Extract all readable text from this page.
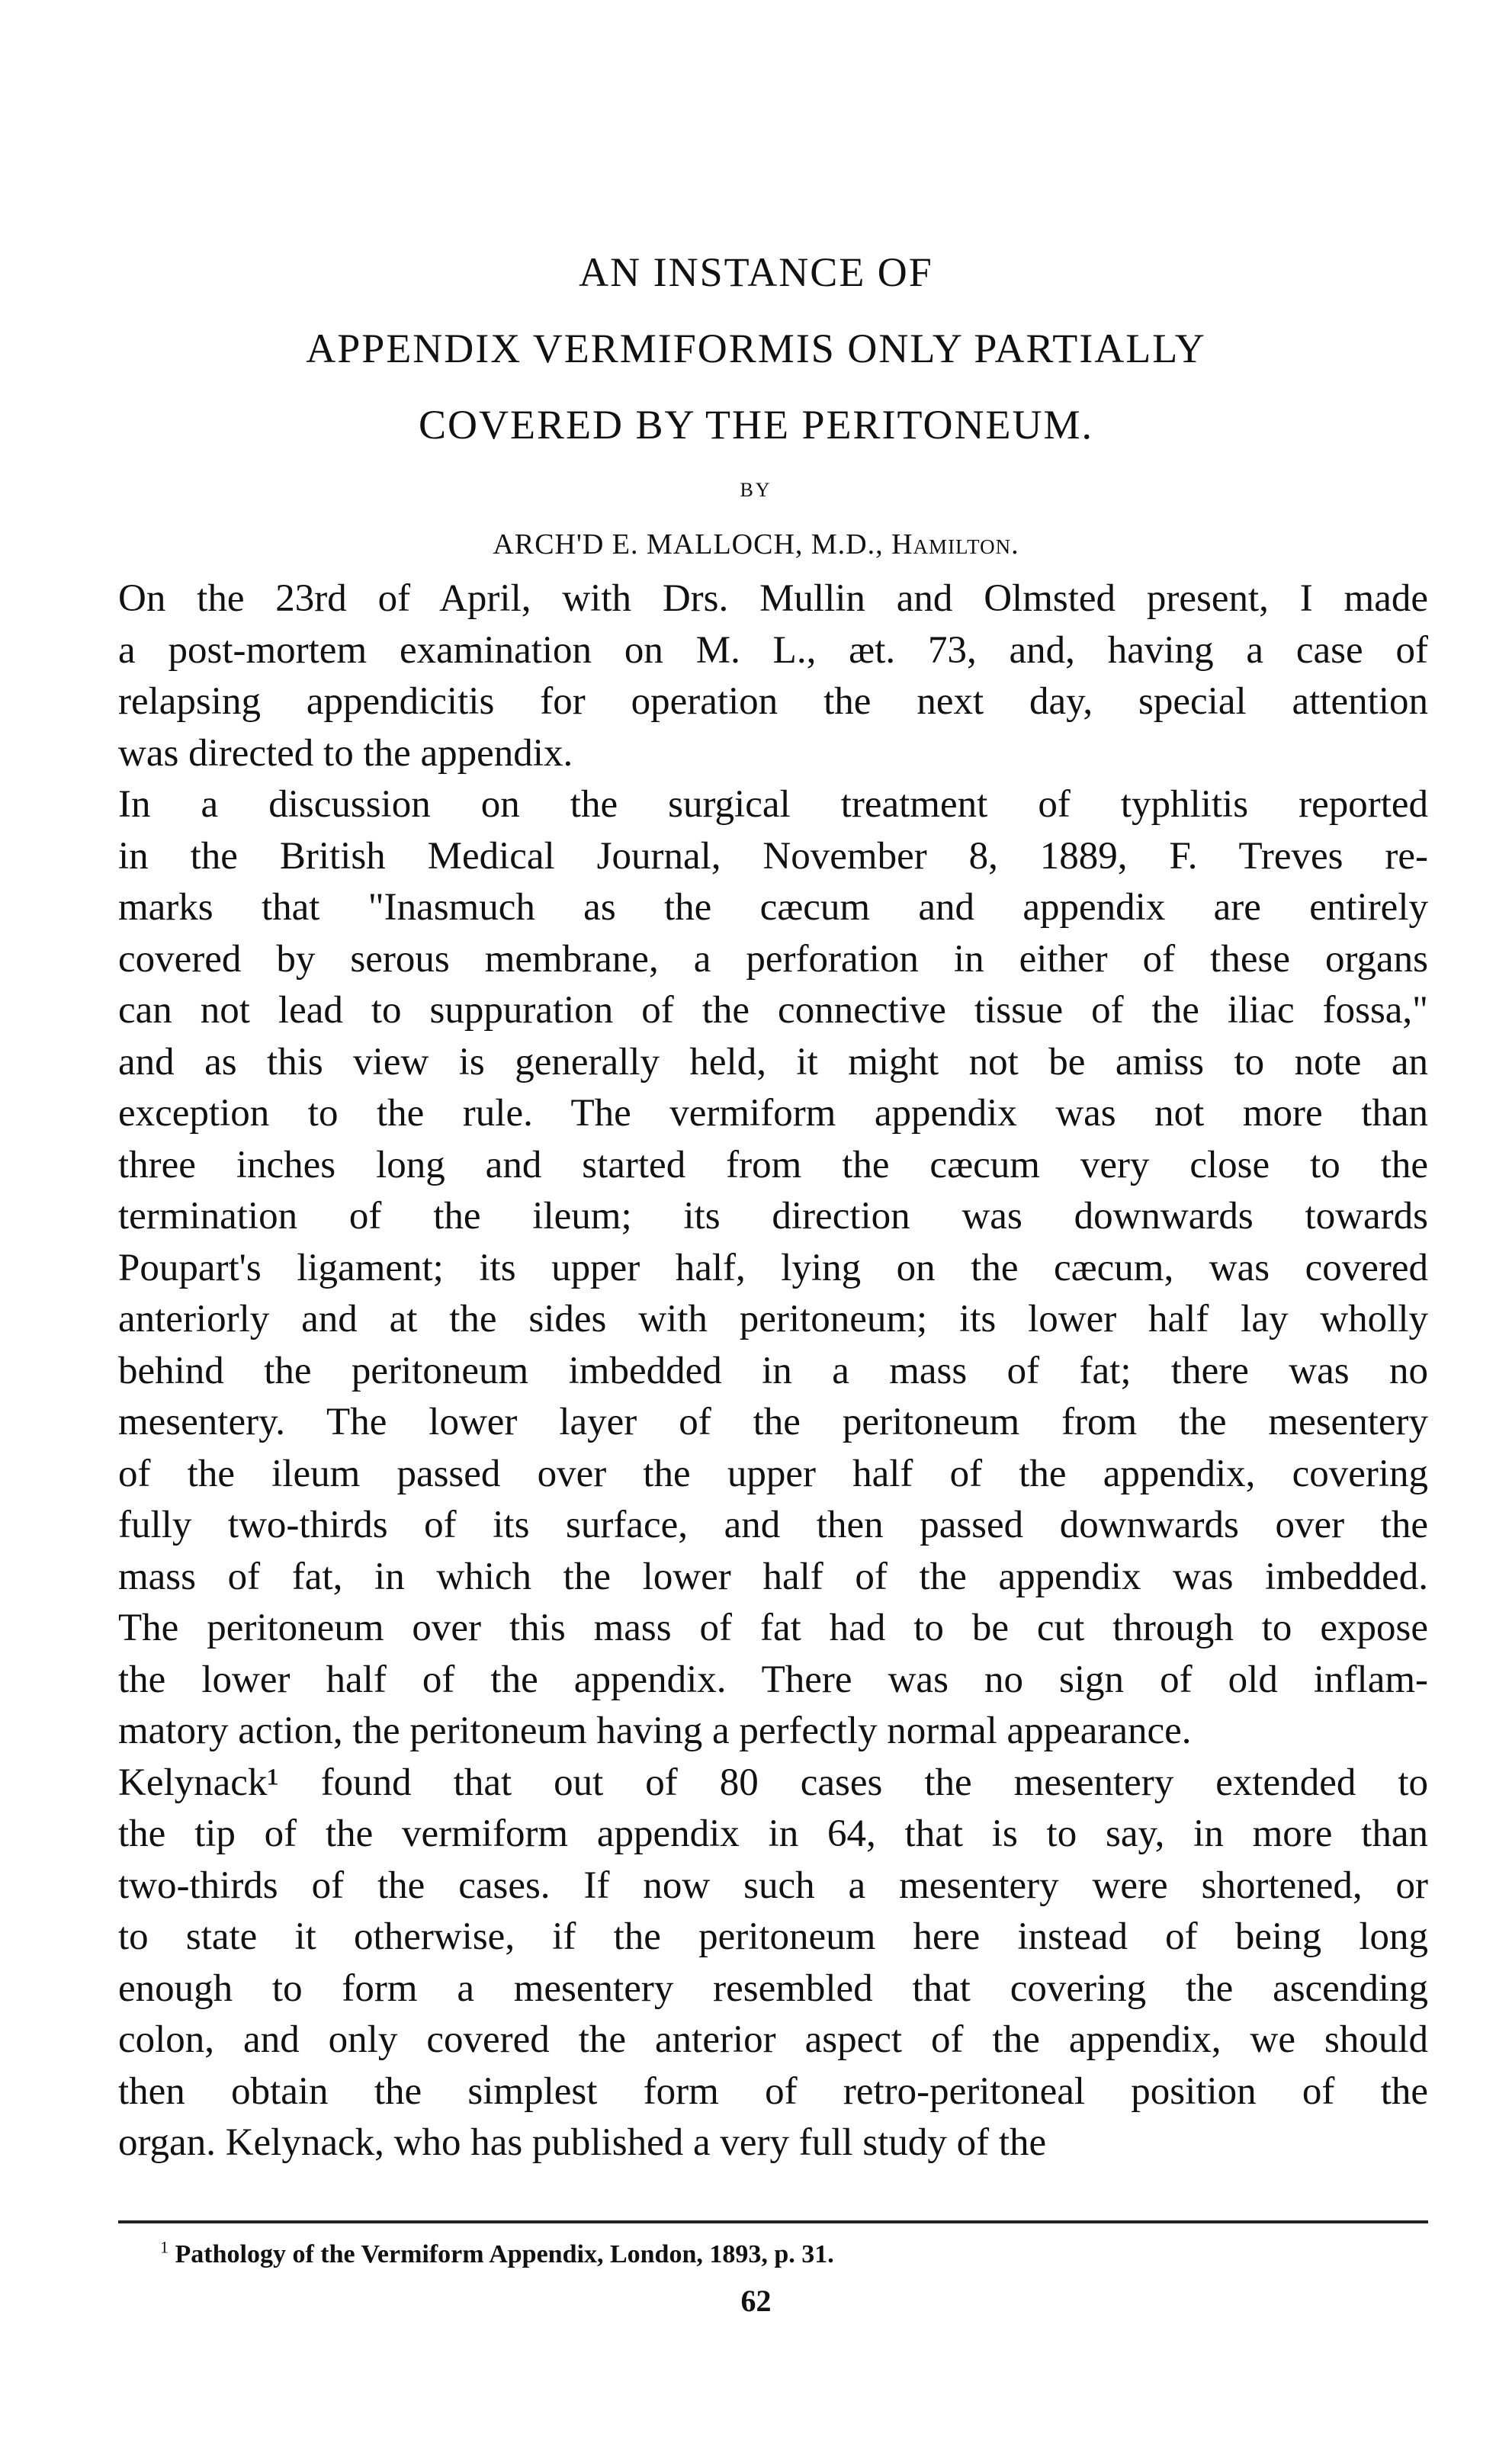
AN INSTANCE OF
APPENDIX VERMIFORMIS ONLY PARTIALLY
COVERED BY THE PERITONEUM.
BY
ARCH'D E. MALLOCH, M.D., Hamilton.
On the 23rd of April, with Drs. Mullin and Olmsted present, I made
a post-mortem examination on M. L., æt. 73, and, having a case of
relapsing appendicitis for operation the next day, special attention
was directed to the appendix.
In a discussion on the surgical treatment of typhlitis reported
in the British Medical Journal, November 8, 1889, F. Treves re-
marks that "Inasmuch as the cæcum and appendix are entirely
covered by serous membrane, a perforation in either of these organs
can not lead to suppuration of the connective tissue of the iliac fossa,"
and as this view is generally held, it might not be amiss to note an
exception to the rule. The vermiform appendix was not more than
three inches long and started from the cæcum very close to the
termination of the ileum; its direction was downwards towards
Poupart's ligament; its upper half, lying on the cæcum, was covered
anteriorly and at the sides with peritoneum; its lower half lay wholly
behind the peritoneum imbedded in a mass of fat; there was no
mesentery. The lower layer of the peritoneum from the mesentery
of the ileum passed over the upper half of the appendix, covering
fully two-thirds of its surface, and then passed downwards over the
mass of fat, in which the lower half of the appendix was imbedded.
The peritoneum over this mass of fat had to be cut through to expose
the lower half of the appendix. There was no sign of old inflam-
matory action, the peritoneum having a perfectly normal appearance.
Kelynack¹ found that out of 80 cases the mesentery extended to
the tip of the vermiform appendix in 64, that is to say, in more than
two-thirds of the cases. If now such a mesentery were shortened, or
to state it otherwise, if the peritoneum here instead of being long
enough to form a mesentery resembled that covering the ascending
colon, and only covered the anterior aspect of the appendix, we should
then obtain the simplest form of retro-peritoneal position of the
organ. Kelynack, who has published a very full study of the
$^1$ Pathology of the Vermiform Appendix, London, 1893, p. 31.
62
